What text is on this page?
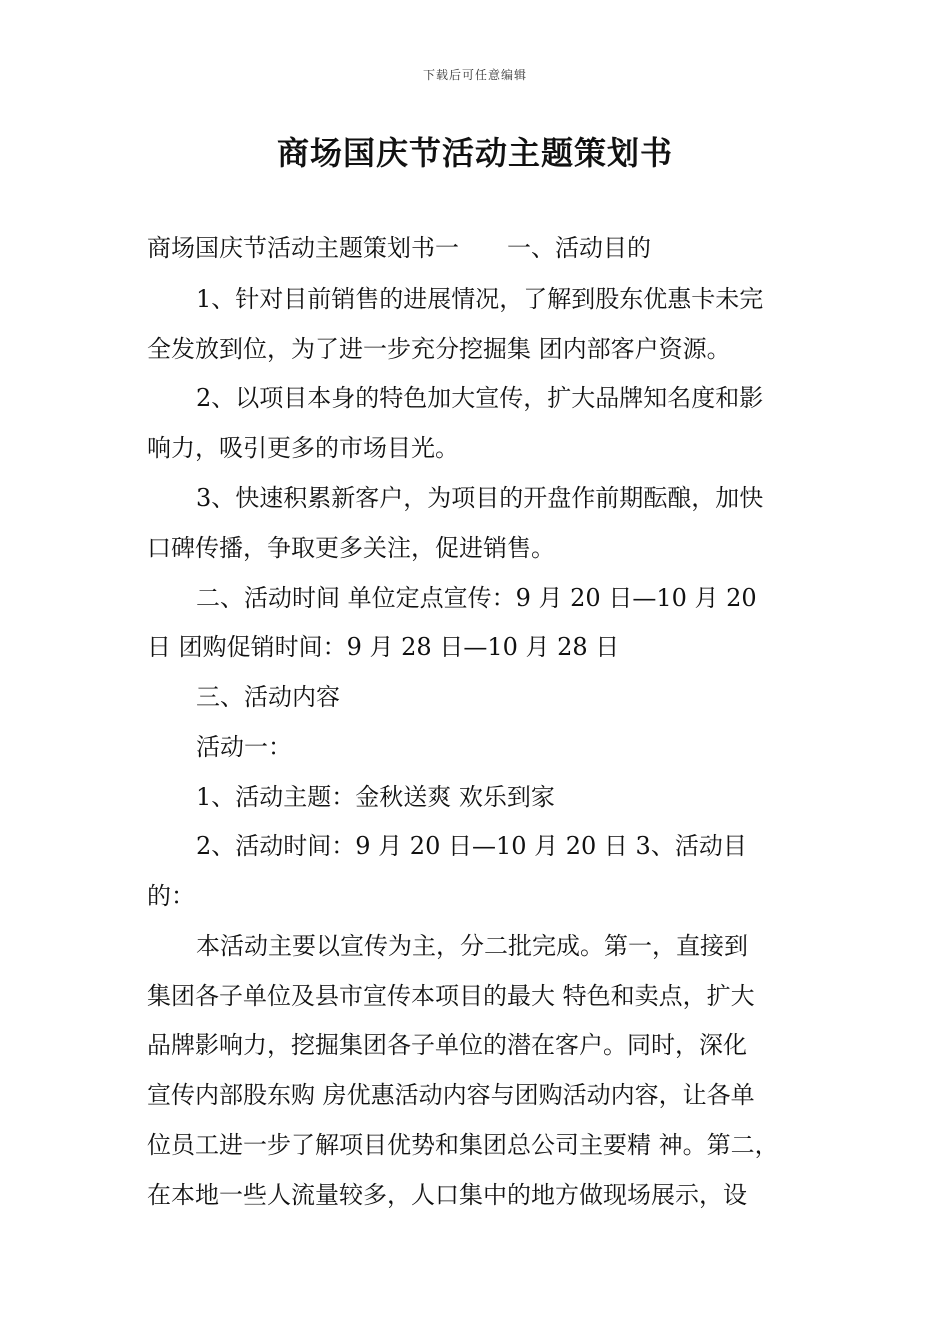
下载后可任意编辑
商场国庆节活动主题策划书
商场国庆节活动主题策划书一　　一、活动目的
1、针对目前销售的进展情况，了解到股东优惠卡未完
全发放到位，为了进一步充分挖掘集 团内部客户资源。
2、以项目本身的特色加大宣传，扩大品牌知名度和影
响力，吸引更多的市场目光。
3、快速积累新客户，为项目的开盘作前期酝酿，加快
口碑传播，争取更多关注，促进销售。
二、活动时间 单位定点宣传：9 月 20 日—10 月 20
日 团购促销时间：9 月 28 日—10 月 28 日
三、活动内容
活动一：
1、活动主题：金秋送爽 欢乐到家
2、活动时间：9 月 20 日—10 月 20 日 3、活动目
的：
本活动主要以宣传为主，分二批完成。第一，直接到
集团各子单位及县市宣传本项目的最大 特色和卖点，扩大
品牌影响力，挖掘集团各子单位的潜在客户。同时，深化
宣传内部股东购 房优惠活动内容与团购活动内容，让各单
位员工进一步了解项目优势和集团总公司主要精 神。第二，
在本地一些人流量较多，人口集中的地方做现场展示，设
